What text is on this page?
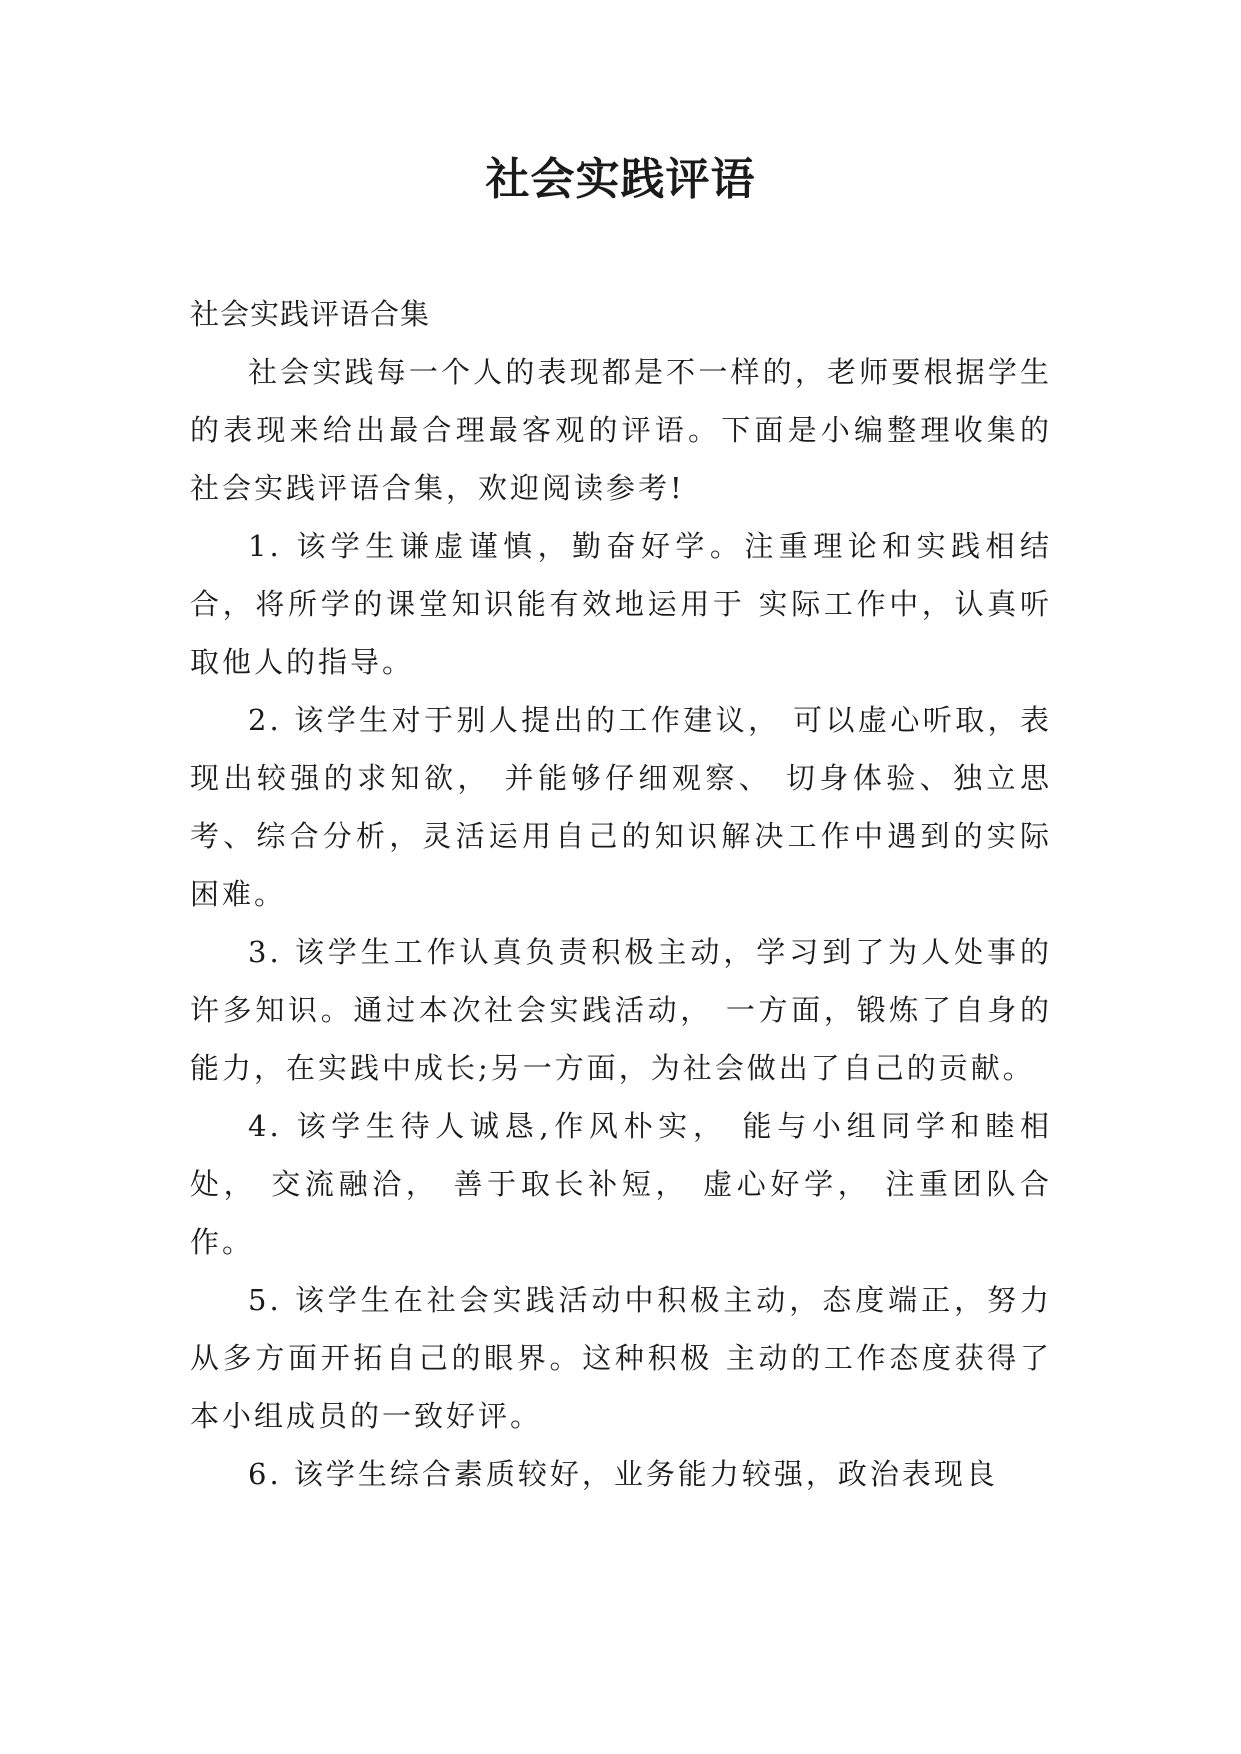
社会实践评语

社会实践评语合集

社会实践每一个人的表现都是不一样的，老师要根据学生的表现来给出最合理最客观的评语。下面是小编整理收集的社会实践评语合集，欢迎阅读参考!

1. 该学生谦虚谨慎，勤奋好学。注重理论和实践相结合，将所学的课堂知识能有效地运用于 实际工作中，认真听取他人的指导。

2. 该学生对于别人提出的工作建议， 可以虚心听取，表现出较强的求知欲， 并能够仔细观察、 切身体验、独立思考、综合分析，灵活运用自己的知识解决工作中遇到的实际困难。

3. 该学生工作认真负责积极主动，学习到了为人处事的许多知识。通过本次社会实践活动， 一方面，锻炼了自身的能力，在实践中成长;另一方面，为社会做出了自己的贡献。

4. 该学生待人诚恳,作风朴实， 能与小组同学和睦相处， 交流融洽， 善于取长补短， 虚心好学， 注重团队合作。

5. 该学生在社会实践活动中积极主动，态度端正，努力从多方面开拓自己的眼界。这种积极 主动的工作态度获得了本小组成员的一致好评。

6. 该学生综合素质较好，业务能力较强，政治表现良
